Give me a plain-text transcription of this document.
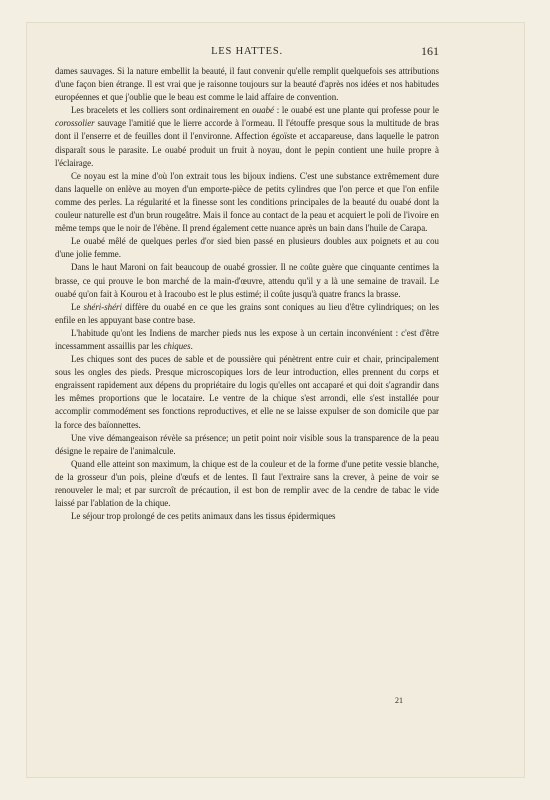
LES HATTES.	161

dames sauvages. Si la nature embellit la beauté, il faut convenir qu'elle remplit quelquefois ses attributions d'une façon bien étrange. Il est vrai que je raisonne toujours sur la beauté d'après nos idées et nos habitudes européennes et que j'oublie que le beau est comme le laid affaire de convention.

Les bracelets et les colliers sont ordinairement en ouabé : le ouabé est une plante qui professe pour le corossolier sauvage l'amitié que le lierre accorde à l'ormeau. Il l'étouffe presque sous la multitude de bras dont il l'enserre et de feuilles dont il l'environne. Affection égoïste et accapareuse, dans laquelle le patron disparaît sous le parasite. Le ouabé produit un fruit à noyau, dont le pepin contient une huile propre à l'éclairage.

Ce noyau est la mine d'où l'on extrait tous les bijoux indiens. C'est une substance extrêmement dure dans laquelle on enlève au moyen d'un emporte-pièce de petits cylindres que l'on perce et que l'on enfile comme des perles. La régularité et la finesse sont les conditions principales de la beauté du ouabé dont la couleur naturelle est d'un brun rougeâtre. Mais il fonce au contact de la peau et acquiert le poli de l'ivoire en même temps que le noir de l'ébène. Il prend également cette nuance après un bain dans l'huile de Carapa.

Le ouabé mêlé de quelques perles d'or sied bien passé en plusieurs doubles aux poignets et au cou d'une jolie femme.

Dans le haut Maroni on fait beaucoup de ouabé grossier. Il ne coûte guère que cinquante centimes la brasse, ce qui prouve le bon marché de la main-d'œuvre, attendu qu'il y a là une semaine de travail. Le ouabé qu'on fait à Kourou et à Iracoubo est le plus estimé; il coûte jusqu'à quatre francs la brasse.

Le shéri-shéri diffère du ouabé en ce que les grains sont coniques au lieu d'être cylindriques; on les enfile en les appuyant base contre base.

L'habitude qu'ont les Indiens de marcher pieds nus les expose à un certain inconvénient : c'est d'être incessamment assaillis par les chiques.

Les chiques sont des puces de sable et de poussière qui pénètrent entre cuir et chair, principalement sous les ongles des pieds. Presque microscopiques lors de leur introduction, elles prennent du corps et engraissent rapidement aux dépens du propriétaire du logis qu'elles ont accaparé et qui doit s'agrandir dans les mêmes proportions que le locataire. Le ventre de la chique s'est arrondi, elle s'est installée pour accomplir commodément ses fonctions reproductives, et elle ne se laisse expulser de son domicile que par la force des baïonnettes.

Une vive démangeaison révèle sa présence; un petit point noir visible sous la transparence de la peau désigne le repaire de l'animalcule.

Quand elle atteint son maximum, la chique est de la couleur et de la forme d'une petite vessie blanche, de la grosseur d'un pois, pleine d'œufs et de lentes. Il faut l'extraire sans la crever, à peine de voir se renouveler le mal; et par surcroît de précaution, il est bon de remplir avec de la cendre de tabac le vide laissé par l'ablation de la chique.

Le séjour trop prolongé de ces petits animaux dans les tissus épidermiques

21
